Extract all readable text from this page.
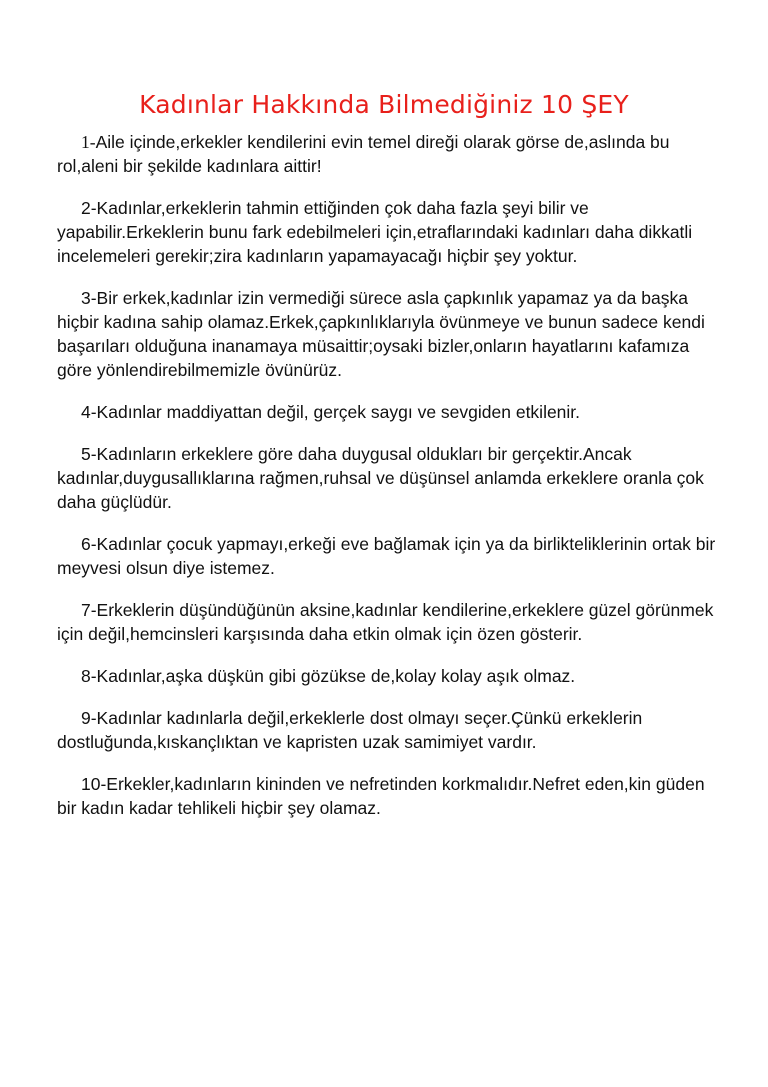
Kadınlar Hakkında Bilmediğiniz 10 ŞEY

1-Aile içinde,erkekler kendilerini evin temel direği olarak görse de,aslında bu rol,aleni bir şekilde kadınlara aittir!

2-Kadınlar,erkeklerin tahmin ettiğinden çok daha fazla şeyi bilir ve yapabilir.Erkeklerin bunu fark edebilmeleri için,etraflarındaki kadınları daha dikkatli incelemeleri gerekir;zira kadınların yapamayacağı hiçbir şey yoktur.

3-Bir erkek,kadınlar izin vermediği sürece asla çapkınlık yapamaz ya da başka hiçbir kadına sahip olamaz.Erkek,çapkınlıklarıyla övünmeye ve bunun sadece kendi başarıları olduğuna inanamaya müsaittir;oysaki bizler,onların hayatlarını kafamıza göre yönlendirebilmemizle övünürüz.

4-Kadınlar maddiyattan değil, gerçek saygı ve sevgiden etkilenir.

5-Kadınların erkeklere göre daha duygusal oldukları bir gerçektir.Ancak kadınlar,duygusallıklarına rağmen,ruhsal ve düşünsel anlamda erkeklere oranla çok daha güçlüdür.

6-Kadınlar çocuk yapmayı,erkeği eve bağlamak için ya da birlikteliklerinin ortak bir meyvesi olsun diye istemez.

7-Erkeklerin düşündüğünün aksine,kadınlar kendilerine,erkeklere güzel görünmek için değil,hemcinsleri karşısında daha etkin olmak için özen gösterir.

8-Kadınlar,aşka düşkün gibi gözükse de,kolay kolay aşık olmaz.

9-Kadınlar kadınlarla değil,erkeklerle dost olmayı seçer.Çünkü erkeklerin dostluğunda,kıskançlıktan ve kapristen uzak samimiyet vardır.

10-Erkekler,kadınların kininden ve nefretinden korkmalıdır.Nefret eden,kin güden bir kadın kadar tehlikeli hiçbir şey olamaz.
